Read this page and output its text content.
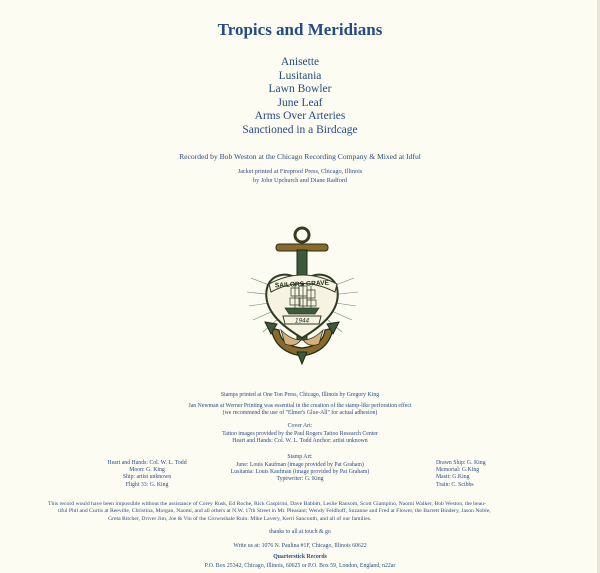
Tropics and Meridians
Anisette
Lusitania
Lawn Bowler
June Leaf
Arms Over Arteries
Sanctioned in a Birdcage
Recorded by Bob Weston at the Chicago Recording Company & Mixed at Idful
Jacket printed at Fireproof Press, Chicago, Illinois
by John Upchurch and Diane Radford
SAILORS GRAVE
1944
Stamps printed at One Ton Press, Chicago, Illinois by Gregory King
Jan Newman at Werner Printing was essential in the creation of the stamp-like perforation effect
(we recommend the use of "Elmer's Glue-All" for actual adhesion)
Cover Art:
Tattoo images provided by the Paul Rogers Tattoo Research Center
Heart and Hands: Col. W. L. Todd Anchor: artist unknown
Stamp Art:
June: Louis Kaufman (image provided by Pat Graham)
Lusitania: Louis Kaufman (image provided by Pat Graham)
Typewriter: G. King
Heart and Hands: Col. W. L. Todd
Moon: G. King
Ship: artist unknown
Flight 33: G. King
Drawn Ship: G. King
Memorial: G.King
Mastt: G.King
Train: C. Scibbs
This record would have been impossible without the assistance of Corey Rusk, Ed Roche, Rick Gaspirini, Dave Babbitt, Leslie Ransom, Scott Giampino, Naomi Walker, Bob Weston, the beau-
tiful Phil and Curtis at Reeville, Christina, Morgan, Naomi, and all others at N.W. 17th Street in Mt. Pleasant; Wendy Feldhoff, Suzanne and Fred at Flower, the Barrett Bindery, Jason Noble,
Greta Ritcher, Driver Jim, Joe & Vin of the Crownshale Ruin: Mike Lavery, Kerri Sanconth, and all of our families.
thanks to all at touch & go
Write us at: 1076 N. Paulina #1F, Chicago, Illinois 60622
Quarterstick Records
P.O. Box 25342, Chicago, Illinois, 60625 or P.O. Box 59, London, England, n22ar
